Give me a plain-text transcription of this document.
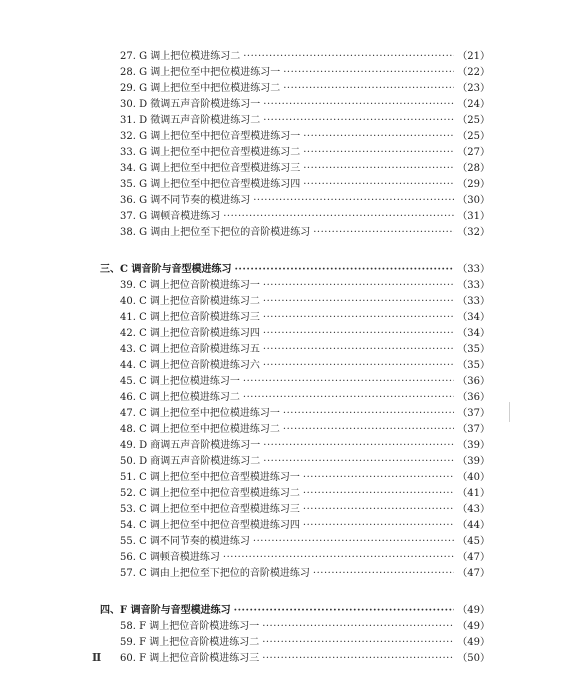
27. G 调上把位模进练习二 ·····	（21）
28. G 调上把位至中把位模进练习一 ·····	（22）
29. G 调上把位至中把位模进练习二 ·····	（23）
30. D 徵调五声音阶模进练习一 ·····	（24）
31. D 徵调五声音阶模进练习二 ·····	（25）
32. G 调上把位至中把位音型模进练习一 ·····	（25）
33. G 调上把位至中把位音型模进练习二 ·····	（27）
34. G 调上把位至中把位音型模进练习三 ·····	（28）
35. G 调上把位至中把位音型模进练习四 ·····	（29）
36. G 调不同节奏的模进练习 ·····	（30）
37. G 调顿音模进练习 ·····	（31）
38. G 调由上把位至下把位的音阶模进练习 ·····	（32）
三、C 调音阶与音型模进练习 ·····	（33）
39. C 调上把位音阶模进练习一 ·····	（33）
40. C 调上把位音阶模进练习二 ·····	（33）
41. C 调上把位音阶模进练习三 ·····	（34）
42. C 调上把位音阶模进练习四 ·····	（34）
43. C 调上把位音阶模进练习五 ·····	（35）
44. C 调上把位音阶模进练习六 ·····	（35）
45. C 调上把位模进练习一 ·····	（36）
46. C 调上把位模进练习二 ·····	（36）
47. C 调上把位至中把位模进练习一 ·····	（37）
48. C 调上把位至中把位模进练习二 ·····	（37）
49. D 商调五声音阶模进练习一 ·····	（39）
50. D 商调五声音阶模进练习二 ·····	（39）
51. C 调上把位至中把位音型模进练习一 ·····	（40）
52. C 调上把位至中把位音型模进练习二 ·····	（41）
53. C 调上把位至中把位音型模进练习三 ·····	（43）
54. C 调上把位至中把位音型模进练习四 ·····	（44）
55. C 调不同节奏的模进练习 ·····	（45）
56. C 调顿音模进练习 ·····	（47）
57. C 调由上把位至下把位的音阶模进练习 ·····	（47）
四、F 调音阶与音型模进练习 ·····	（49）
58. F 调上把位音阶模进练习一 ·····	（49）
59. F 调上把位音阶模进练习二 ·····	（49）
60. F 调上把位音阶模进练习三 ·····	（50）
Ⅱ
